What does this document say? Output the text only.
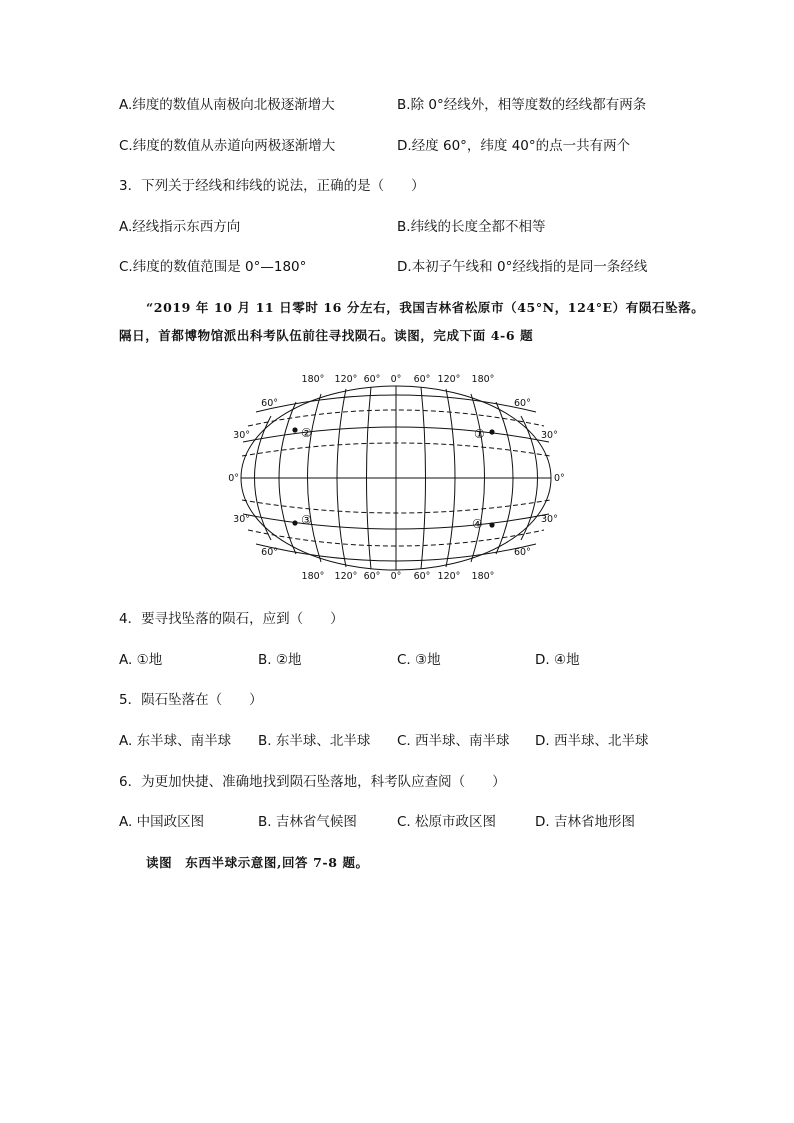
A.纬度的数值从南极向北极逐渐增大	B.除 0°经线外，相等度数的经线都有两条
C.纬度的数值从赤道向两极逐渐增大	D.经度 60°，纬度 40°的点一共有两个
3．下列关于经线和纬线的说法，正确的是（　　）
A.经线指示东西方向	B.纬线的长度全都不相等
C.纬度的数值范围是 0°—180°	D.本初子午线和 0°经线指的是同一条经线
“2019 年 10 月 11 日零时 16 分左右，我国吉林省松原市（45°N，124°E）有陨石坠落。
隔日，首都博物馆派出科考队伍前往寻找陨石。读图，完成下面 4-6 题
180° 120° 60° 0° 60° 120° 180°
180° 120° 60° 0° 60° 120° 180°
60°
30°
0°
30°
60°
60°
30°
0°
30°
60°
①
②
③	④
4．要寻找坠落的陨石，应到（　　）
A. ①地	B. ②地	C. ③地	D. ④地
5．陨石坠落在（　　）
A. 东半球、南半球 B. 东半球、北半球 C. 西半球、南半球 D. 西半球、北半球
6．为更加快捷、准确地找到陨石坠落地，科考队应查阅（　　）
A. 中国政区图	B. 吉林省气候图	C. 松原市政区图	D. 吉林省地形图
读图　东西半球示意图,回答 7-8 题。
